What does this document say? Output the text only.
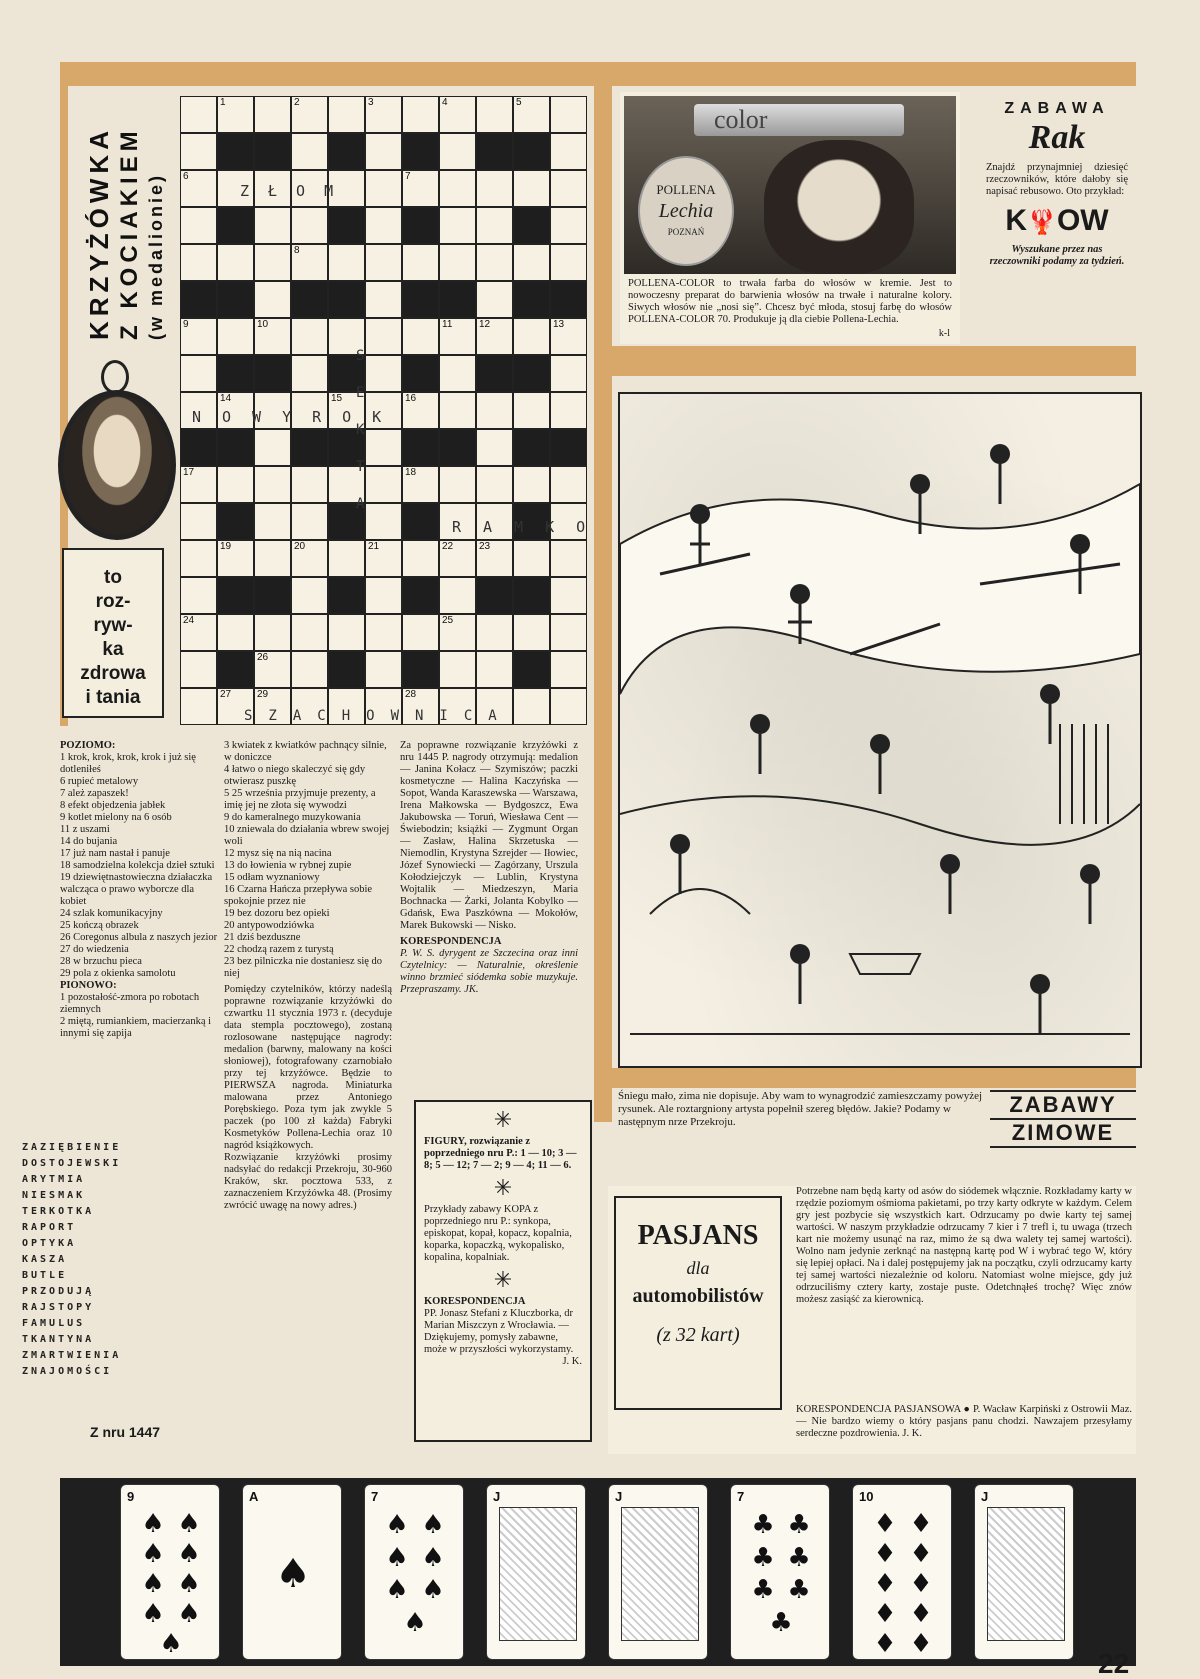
KRZYŻÓWKA Z KOCIAKIEM (w medalionie)
to
roz-
ryw-
ka
zdrowa
i tania
1	2	3	4	5
6	7
8
9	10	11	12	13
14	15	16
17	18
19	20	21	22	23
24	25
26
27	28
29
ZŁOM
NOWYROK
RAMKO
SZACHOWNICA
SEKTA

POZIOMO:

1 krok, krok, krok, krok i już się dotleniłeś

6 rupieć metalowy

7 ależ zapaszek!

8 efekt objedzenia jabłek

9 kotlet mielony na 6 osób

11 z uszami

14 do bujania

17 już nam nastał i panuje

18 samodzielna kolekcja dzieł sztuki

19 dziewiętnastowieczna działaczka walcząca o prawo wyborcze dla kobiet

24 szlak komunikacyjny

25 kończą obrazek

26 Coregonus albula z naszych jezior

27 do wiedzenia

28 w brzuchu pieca

29 pola z okienka samolotu

PIONOWO:

1 pozostałość-zmora po robotach ziemnych

2 miętą, rumiankiem, macierzanką i innymi się zapija

ZAZIĘBIENIE
DOSTOJEWSKI
ARYTMIA
NIESMAK
TERKOTKA
RAPORT
OPTYKA
KASZA
BUTLE
PRZODUJĄ
RAJSTOPY
FAMULUS
TKANTYNA
ZMARTWIENIA
ZNAJOMOŚCI
Z nru 1447

3 kwiatek z kwiatków pachnący silnie, w doniczce

4 łatwo o niego skaleczyć się gdy otwierasz puszkę

5 25 września przyjmuje prezenty, a imię jej ne złota się wywodzi

9 do kameralnego muzykowania

10 zniewala do działania wbrew swojej woli

12 mysz się na nią nacina

13 do łowienia w rybnej zupie

15 odłam wyznaniowy

16 Czarna Hańcza przepływa sobie spokojnie przez nie

19 bez dozoru bez opieki

20 antypowodziówka

21 dziś bezduszne

22 chodzą razem z turystą

23 bez pilniczka nie dostaniesz się do niej

Pomiędzy czytelników, którzy nadeślą poprawne rozwiązanie krzyżówki do czwartku 11 stycznia 1973 r. (decyduje data stempla pocztowego), zostaną rozlosowane następujące nagrody: medalion (barwny, malowany na kości słoniowej), fotografowany czarnobiało przy tej krzyżówce. Będzie to PIERWSZA nagroda. Miniaturka malowana przez Antoniego Porębskiego. Poza tym jak zwykle 5 paczek (po 100 zł każda) Fabryki Kosmetyków Pollena-Lechia oraz 10 nagród książkowych.

Rozwiązanie krzyżówki prosimy nadsyłać do redakcji Przekroju, 30-960 Kraków, skr. pocztowa 533, z zaznaczeniem Krzyżówka 48. (Prosimy zwrócić uwagę na nowy adres.)

Za poprawne rozwiązanie krzyżówki z nru 1445 P. nagrody otrzymują: medalion — Janina Kołacz — Szymiszów; paczki kosmetyczne — Halina Kaczyńska — Sopot, Wanda Karaszewska — Warszawa, Irena Małkowska — Bydgoszcz, Ewa Jakubowska — Toruń, Wiesława Cent — Świebodzin; książki — Zygmunt Organ — Zasław, Halina Skrzetuska — Niemodlin, Krystyna Szrejder — Iłowiec, Józef Synowiecki — Zagórzany, Urszula Kołodziejczyk — Lublin, Krystyna Wojtalik — Miedzeszyn, Maria Bochnacka — Żarki, Jolanta Kobylko — Gdańsk, Ewa Paszkówna — Mokołów, Marek Bukowski — Nisko.

KORESPONDENCJA

P. W. S. dyrygent ze Szczecina oraz inni Czytelnicy: — Naturalnie, określenie winno brzmieć siódemka sobie muzykuje. Przepraszamy. JK.

✳

FIGURY, rozwiązanie z poprzedniego nru P.: 1 — 10; 3 — 8; 5 — 12; 7 — 2; 9 — 4; 11 — 6.

✳

Przykłady zabawy KOPA z poprzedniego nru P.: synkopa, episkopat, kopał, kopacz, kopalnia, koparka, kopaczką, wykopalisko, kopalina, kopalniak.

✳

KORESPONDENCJA

PP. Jonasz Stefani z Kluczborka, dr Marian Miszczyn z Wrocławia. — Dziękujemy, pomysły zabawne, może w przyszłości wykorzystamy.

J. K.

color
POLLENA
Lechia
POZNAŃ

POLLENA-COLOR to trwała farba do włosów w kremie. Jest to nowoczesny preparat do barwienia włosów na trwałe i naturalne kolory. Siwych włosów nie „nosi się”. Chcesz być młoda, stosuj farbę do włosów POLLENA-COLOR 70. Produkuje ją dla ciebie Pollena-Lechia.

k-l
ZABAWA
Rak

Znajdź przynajmniej dziesięć rzeczowników, które dałoby się napisać rebusowo. Oto przykład:

K🦞OW

Wyszukane przez nas rzeczowniki podamy za tydzień.

Śniegu mało, zima nie dopisuje. Aby wam to wynagrodzić zamieszczamy powyżej rysunek. Ale roztargniony artysta popełnił szereg błędów. Jakie? Podamy w następnym nrze Przekroju.
ZABAWY
ZIMOWE
PASJANS
dla
automobilistów
(z 32 kart)

Potrzebne nam będą karty od asów do siódemek włącznie. Rozkładamy karty w rzędzie poziomym ośmioma pakietami, po trzy karty odkryte w każdym. Celem gry jest pozbycie się wszystkich kart. Odrzucamy po dwie karty tej samej wartości. W naszym przykładzie odrzucamy 7 kier i 7 trefl i, tu uwaga (trzech kart nie możemy usunąć na raz, mimo że są dwa walety tej samej wartości). Wolno nam jedynie zerknąć na następną kartę pod W i wybrać tego W, który się lepiej opłaci. Na i dalej postępujemy jak na początku, czyli odrzucamy karty tej samej wartości niezależnie od koloru. Natomiast wolne miejsce, gdy już odrzuciliśmy cztery karty, zostaje puste. Odetchnąłeś trochę? Więc znów możesz zasiąść za kierownicą.

KORESPONDENCJA PASJANSOWA ● P. Wacław Karpiński z Ostrowii Maz. — Nie bardzo wiemy o który pasjans panu chodzi. Nawzajem przesyłamy serdeczne pozdrowienia. J. K.

9
♠ ♠
♠ ♠
♠ ♠
♠ ♠
♠
A
♠
7
♠ ♠
♠ ♠
♠ ♠
♠
J	J	7
♣ ♣
♣ ♣
♣ ♣
♣
10
♦ ♦
♦ ♦
♦ ♦
♦ ♦
♦ ♦
J
22
